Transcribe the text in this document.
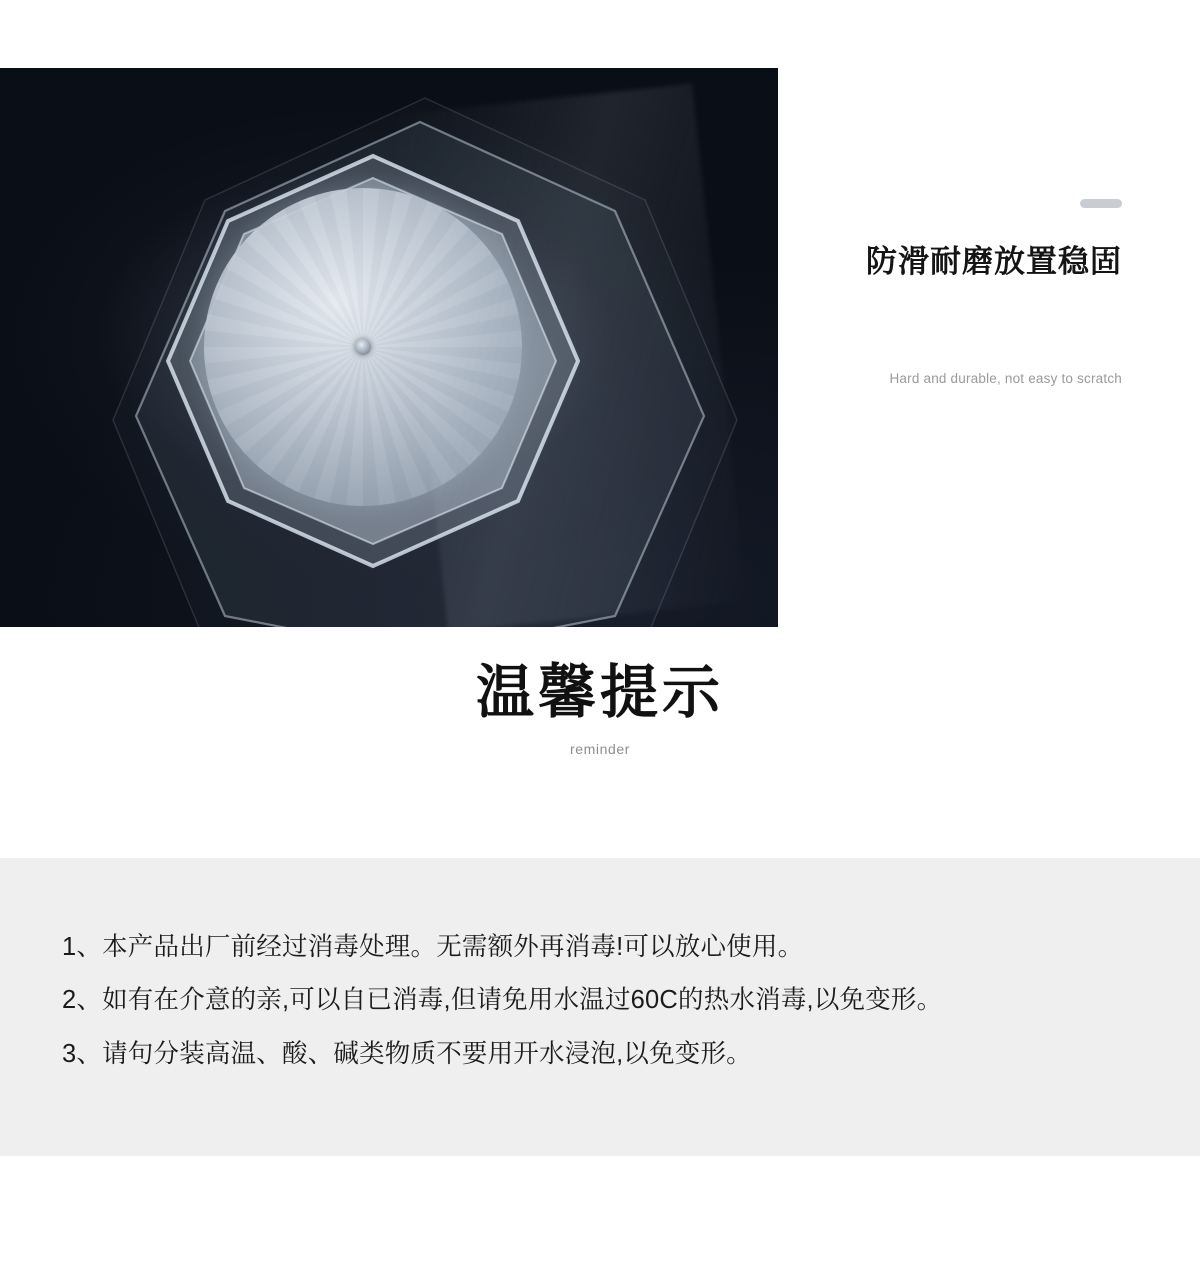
防滑耐磨放置稳固
Hard and durable, not easy to scratch
温馨提示
reminder
1、 本产品出厂前经过消毒处理。无需额外再消毒!可以放心使用。
2、 如有在介意的亲,可以自已消毒,但请免用水温过60C的热水消毒,以免变形。
3、 请句分装高温、酸、碱类物质不要用开水浸泡,以免变形。
